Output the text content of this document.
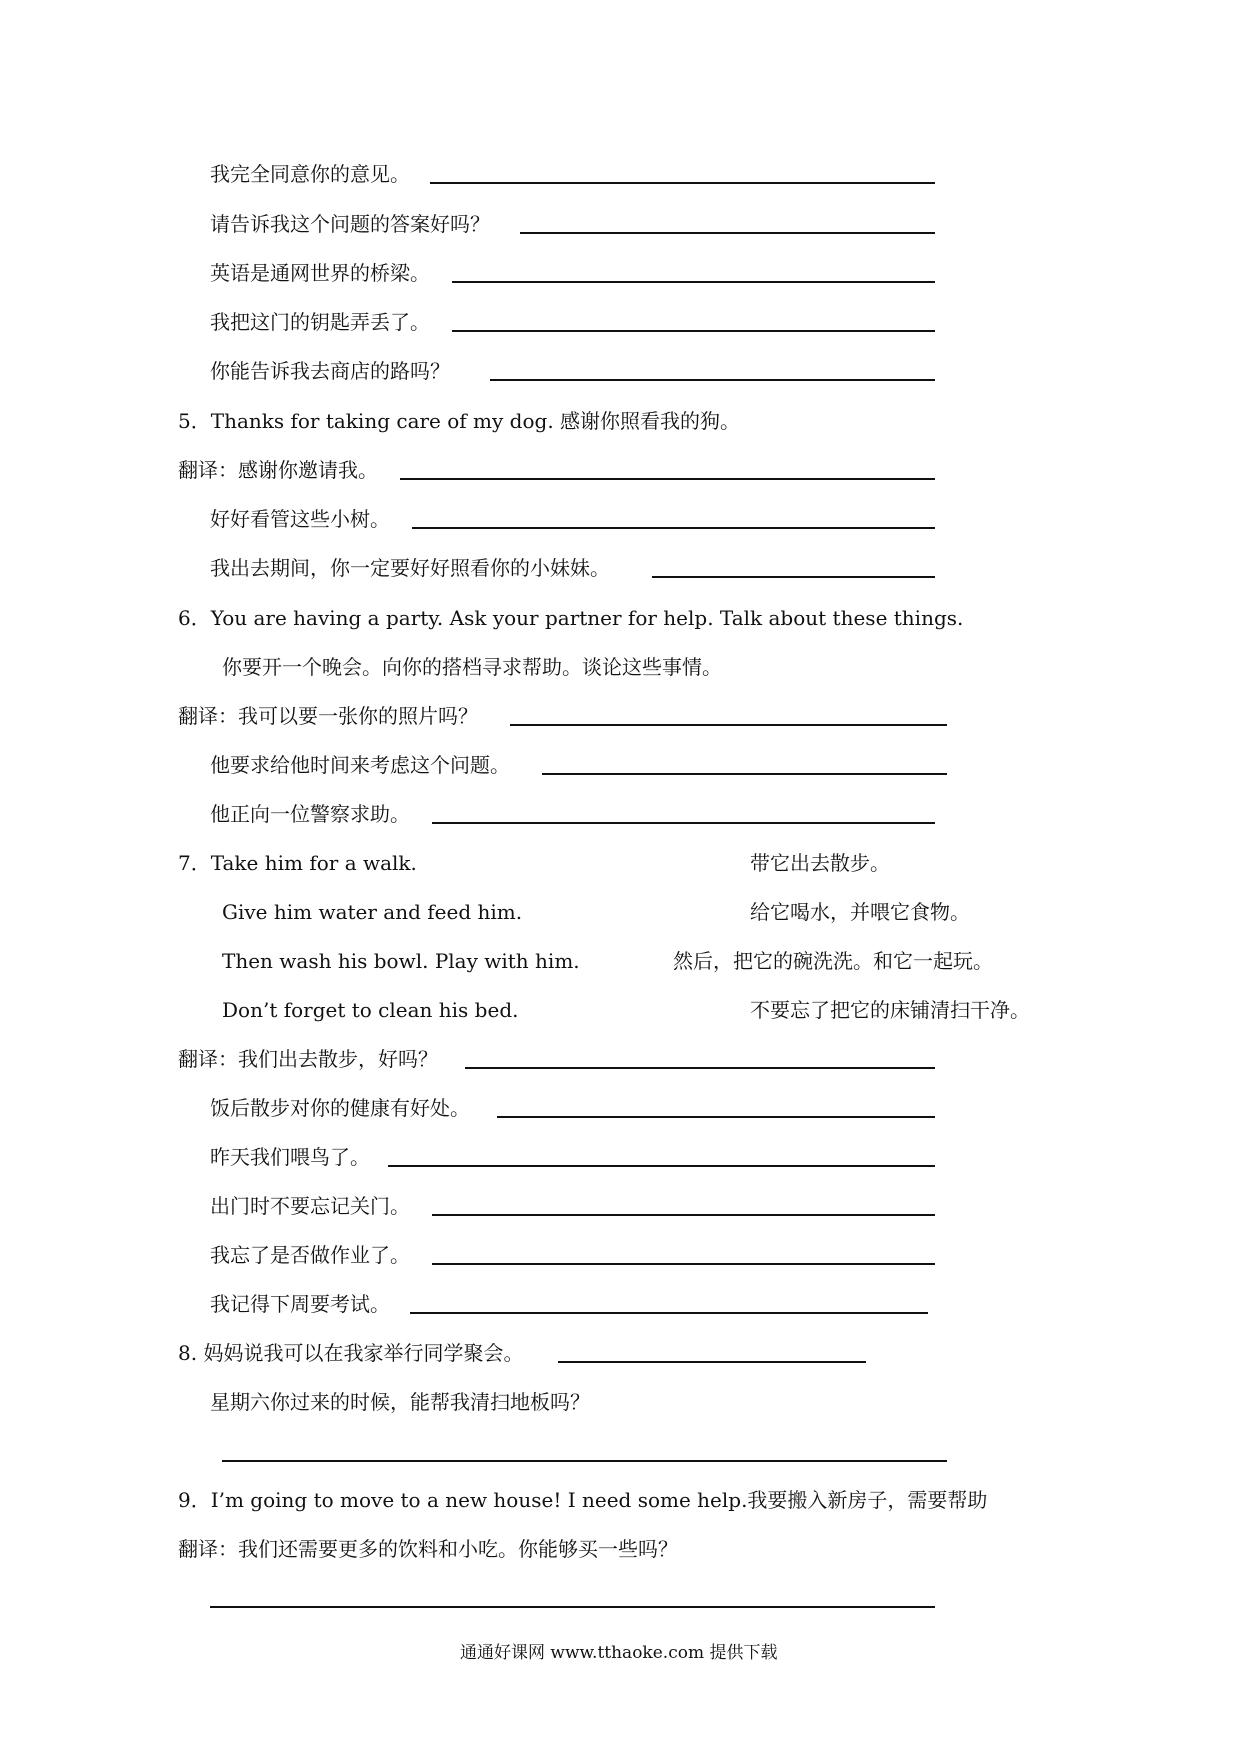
我完全同意你的意见。
请告诉我这个问题的答案好吗？
英语是通网世界的桥梁。
我把这门的钥匙弄丢了。
你能告诉我去商店的路吗？
5．Thanks for taking care of my dog. 感谢你照看我的狗。
翻译：感谢你邀请我。
好好看管这些小树。
我出去期间，你一定要好好照看你的小妹妹。
6．You are having a party. Ask your partner for help. Talk about these things.
你要开一个晚会。向你的搭档寻求帮助。谈论这些事情。
翻译：我可以要一张你的照片吗？
他要求给他时间来考虑这个问题。
他正向一位警察求助。
7．Take him for a walk.	带它出去散步。
Give him water and feed him.	给它喝水，并喂它食物。
Then wash his bowl. Play with him.	然后，把它的碗洗洗。和它一起玩。
Don’t forget to clean his bed.	不要忘了把它的床铺清扫干净。
翻译：我们出去散步，好吗？
饭后散步对你的健康有好处。
昨天我们喂鸟了。
出门时不要忘记关门。
我忘了是否做作业了。
我记得下周要考试。
8. 妈妈说我可以在我家举行同学聚会。
星期六你过来的时候，能帮我清扫地板吗？
9．I’m going to move to a new house! I need some help.我要搬入新房子，需要帮助
翻译：我们还需要更多的饮料和小吃。你能够买一些吗？
通通好课网 www.tthaoke.com 提供下载
